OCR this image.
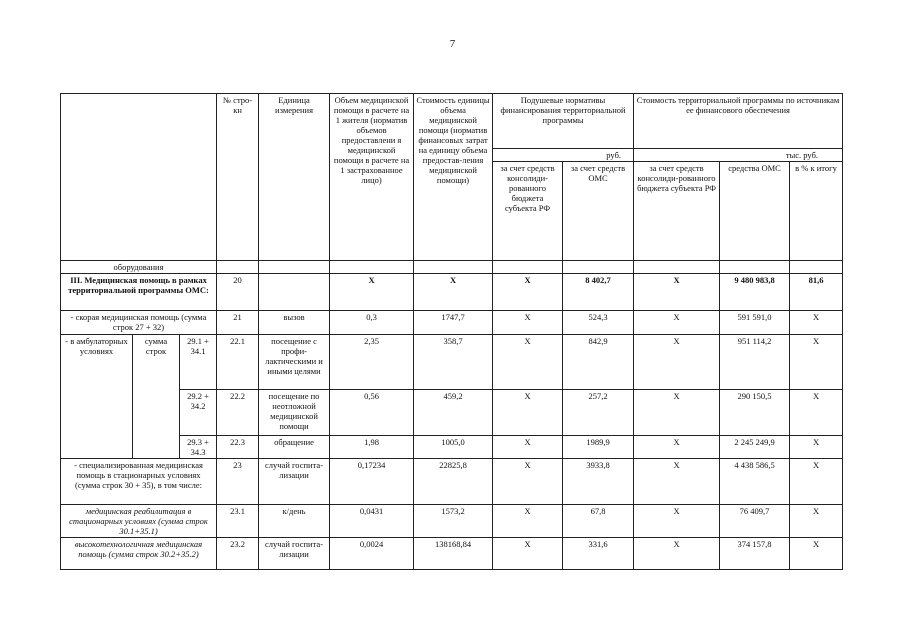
7
			№ стро-кн	Единица измерения	Объем медицинской помощи в расчете на 1 жителя (норматив объемов предоставлени я медицинской помощи в расчете на 1 застрахованное лицо)	Стоимость единицы объема медицинской помощи (норматив финансовых затрат на единицу объема предостав-ления медицинской помощи)	Подушевые нормативы финансирования территориальной программы		Стоимость территориальной программы по источникам ее финансового обеспечения		
							руб.		тыс. руб.		
							за счет средств консолиди-рованного бюджета субъекта РФ	за счет средств ОМС	за счет средств консолиди-рованного бюджета субъекта РФ	средства ОМС	в % к итогу
оборудования											
III. Медицинская помощь в рамках территориальной программы ОМС:			20		X	X	X	8 402,7	X	9 480 983,8	81,6
- скорая медицинская помощь (сумма строк 27 + 32)			21	вызов	0,3	1747,7	X	524,3	X	591 591,0	X
- в амбулаторных условиях	сумма строк	29.1 + 34.1	22.1	посещение с профи-лактическими и иными целями	2,35	358,7	X	842,9	X	951 114,2	X
		29.2 + 34.2	22.2	посещение по неотложной медицинской помощи	0,56	459,2	X	257,2	X	290 150,5	X
		29.3 + 34.3	22.3	обращение	1,98	1005,0	X	1989,9	X	2 245 249,9	X
- специализированная медицинская помощь в стационарных условиях (сумма строк 30 + 35), в том числе:			23	случай госпита-лизации	0,17234	22825,8	X	3933,8	X	4 438 586,5	X
медицинская реабилитация в стационарных условиях (сумма строк 30.1+35.1)			23.1	к/день	0,0431	1573,2	X	67,8	X	76 409,7	X
высокотехнологичная медицинская помощь (сумма строк 30.2+35.2)			23.2	случай госпита-лизации	0,0024	138168,84	X	331,6	X	374 157,8	X
